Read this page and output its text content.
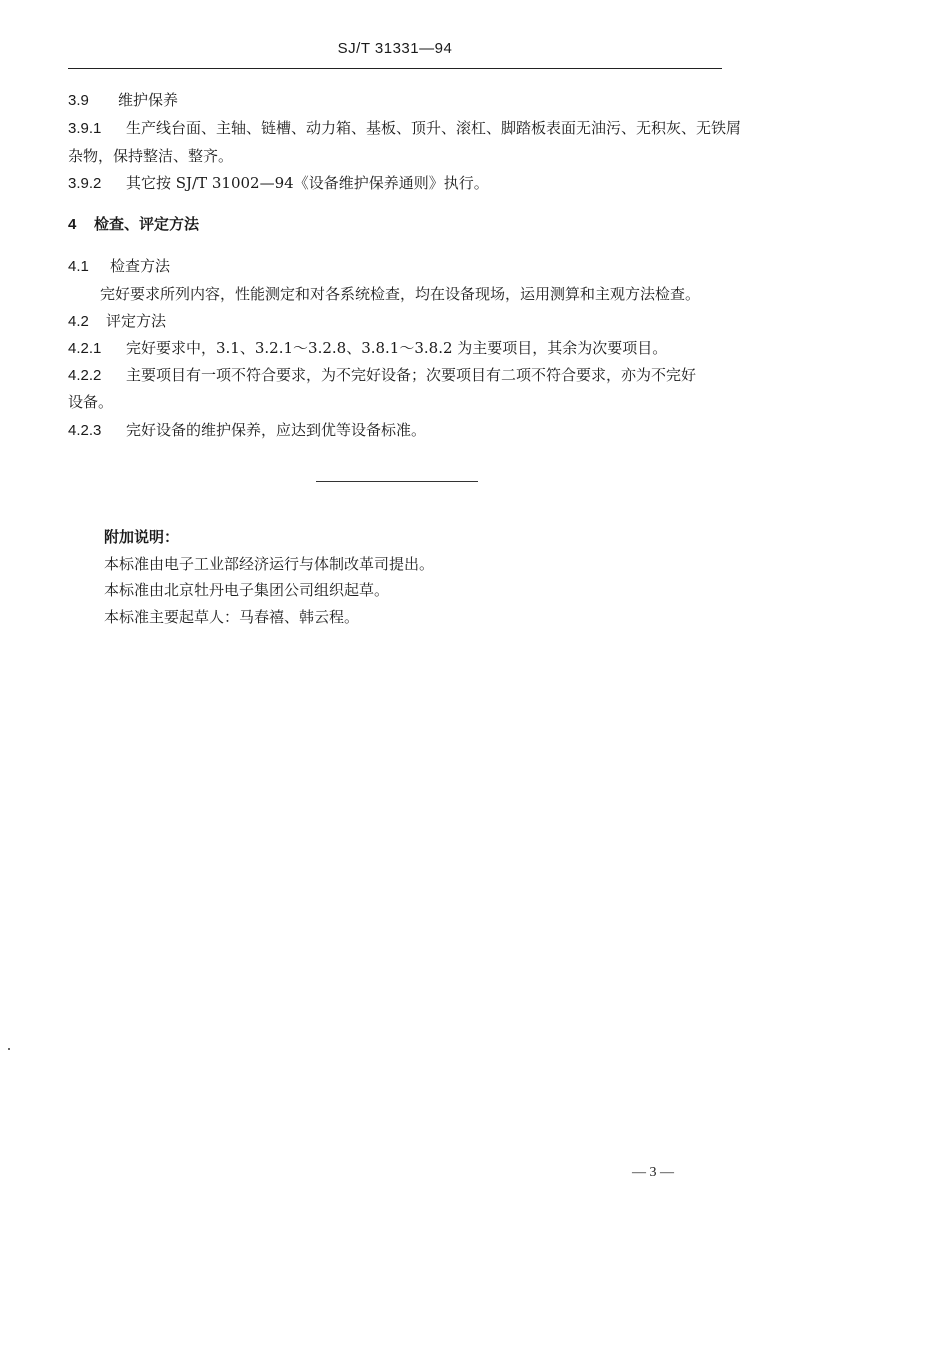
SJ/T 31331—94
3.9 维护保养
3.9.1 生产线台面、主轴、链槽、动力箱、基板、顶升、滚杠、脚踏板表面无油污、无积灰、无铁屑
杂物，保持整洁、整齐。
3.9.2 其它按 SJ/T 31002—94《设备维护保养通则》执行。
4 检查、评定方法
4.1 检查方法
完好要求所列内容，性能测定和对各系统检查，均在设备现场，运用测算和主观方法检查。
4.2 评定方法
4.2.1 完好要求中，3.1、3.2.1～3.2.8、3.8.1～3.8.2 为主要项目，其余为次要项目。
4.2.2 主要项目有一项不符合要求，为不完好设备；次要项目有二项不符合要求，亦为不完好
设备。
4.2.3 完好设备的维护保养，应达到优等设备标准。
附加说明：
本标准由电子工业部经济运行与体制改革司提出。
本标准由北京牡丹电子集团公司组织起草。
本标准主要起草人：马春禧、韩云程。
— 3 —
